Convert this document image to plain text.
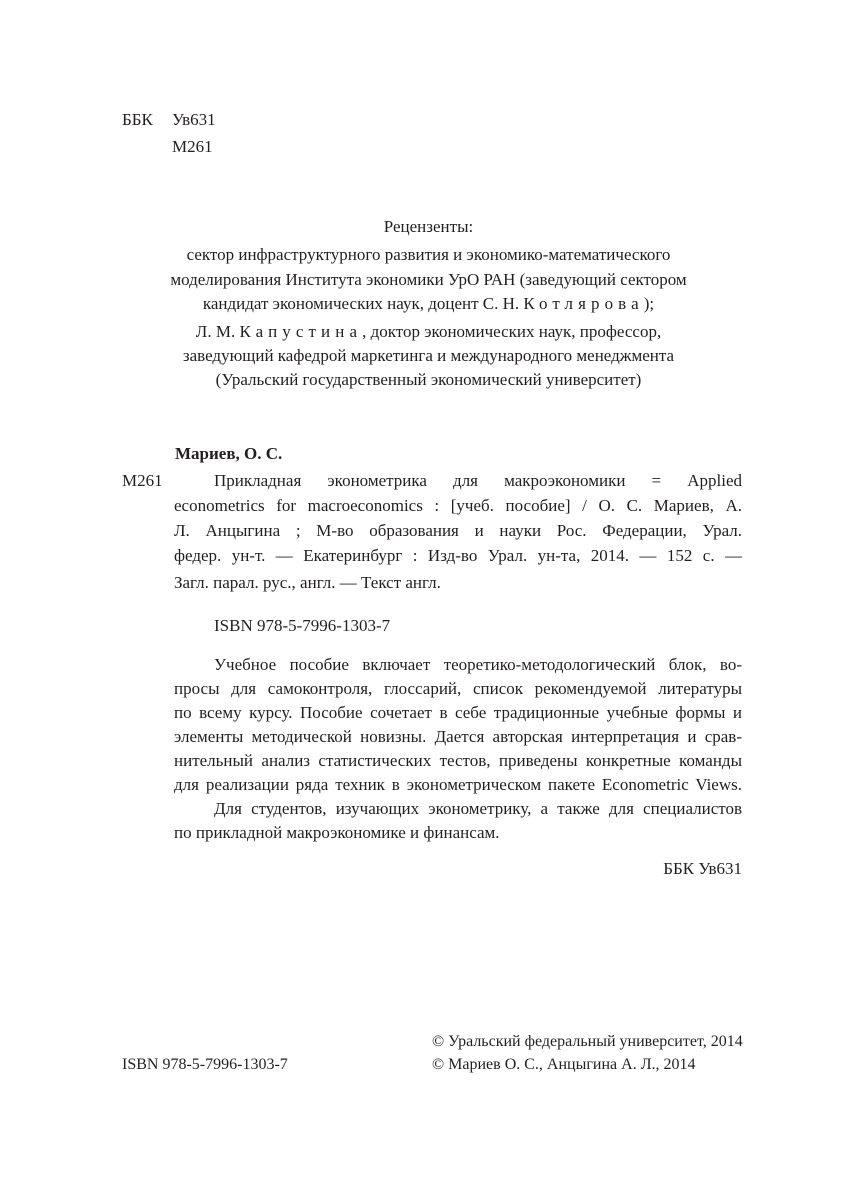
ББК Ув631
М261
Рецензенты:
сектор инфраструктурного развития и экономико-математического
моделирования Института экономики УрО РАН (заведующий сектором
кандидат экономических наук, доцент С. Н. Котлярова);
Л. М. Капустина, доктор экономических наук, профессор,
заведующий кафедрой маркетинга и международного менеджмента
(Уральский государственный экономический университет)
Мариев, О. С.
М261	Прикладная эконометрика для макроэкономики = Applied
econometrics for macroeconomics : [учеб. пособие] / О. С. Мариев, А.
Л. Анцыгина ; М-во образования и науки Рос. Федерации, Урал.
федер. ун-т. — Екатеринбург : Изд-во Урал. ун-та, 2014. — 152 с. —
Загл. парал. рус., англ. — Текст англ.
ISBN 978-5-7996-1303-7
Учебное пособие включает теоретико-методологический блок, во-
просы для самоконтроля, глоссарий, список рекомендуемой литературы
по всему курсу. Пособие сочетает в себе традиционные учебные формы и
элементы методической новизны. Дается авторская интерпретация и срав-
нительный анализ статистических тестов, приведены конкретные команды
для реализации ряда техник в эконометрическом пакете Econometric Views.
Для студентов, изучающих эконометрику, а также для специалистов
по прикладной макроэкономике и финансам.
ББК Ув631
ISBN 978-5-7996-1303-7
© Уральский федеральный университет, 2014
© Мариев О. С., Анцыгина А. Л., 2014
